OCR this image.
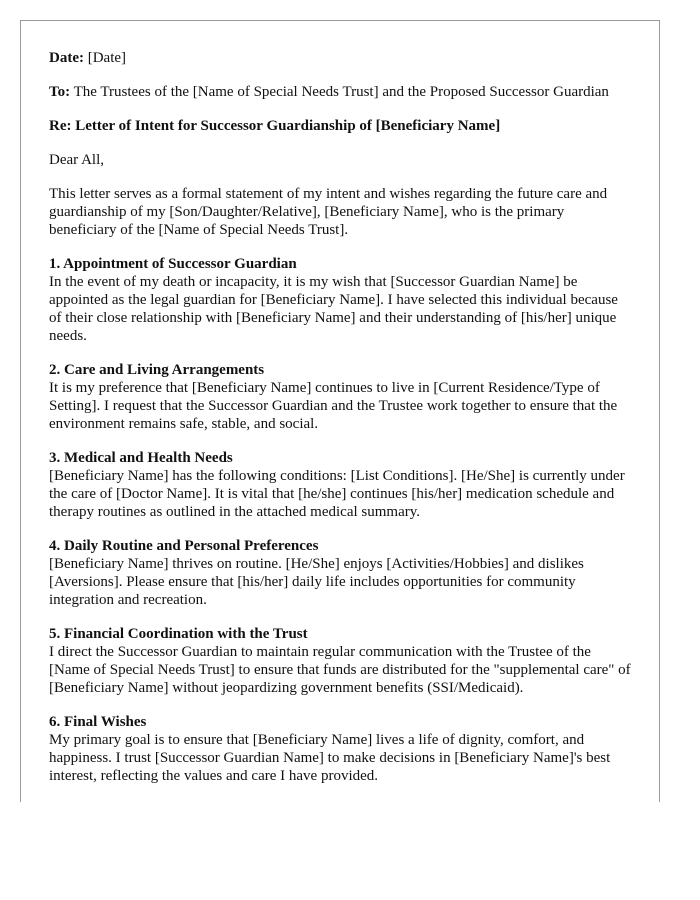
Date: [Date]

To: The Trustees of the [Name of Special Needs Trust] and the Proposed Successor Guardian

Re: Letter of Intent for Successor Guardianship of [Beneficiary Name]

Dear All,

This letter serves as a formal statement of my intent and wishes regarding the future care and guardianship of my [Son/Daughter/Relative], [Beneficiary Name], who is the primary beneficiary of the [Name of Special Needs Trust].

1. Appointment of Successor Guardian

In the event of my death or incapacity, it is my wish that [Successor Guardian Name] be appointed as the legal guardian for [Beneficiary Name]. I have selected this individual because of their close relationship with [Beneficiary Name] and their understanding of [his/her] unique needs.

2. Care and Living Arrangements

It is my preference that [Beneficiary Name] continues to live in [Current Residence/Type of Setting]. I request that the Successor Guardian and the Trustee work together to ensure that the environment remains safe, stable, and social.

3. Medical and Health Needs

[Beneficiary Name] has the following conditions: [List Conditions]. [He/She] is currently under the care of [Doctor Name]. It is vital that [he/she] continues [his/her] medication schedule and therapy routines as outlined in the attached medical summary.

4. Daily Routine and Personal Preferences

[Beneficiary Name] thrives on routine. [He/She] enjoys [Activities/Hobbies] and dislikes [Aversions]. Please ensure that [his/her] daily life includes opportunities for community integration and recreation.

5. Financial Coordination with the Trust

I direct the Successor Guardian to maintain regular communication with the Trustee of the [Name of Special Needs Trust] to ensure that funds are distributed for the "supplemental care" of [Beneficiary Name] without jeopardizing government benefits (SSI/Medicaid).

6. Final Wishes

My primary goal is to ensure that [Beneficiary Name] lives a life of dignity, comfort, and happiness. I trust [Successor Guardian Name] to make decisions in [Beneficiary Name]'s best interest, reflecting the values and care I have provided.
